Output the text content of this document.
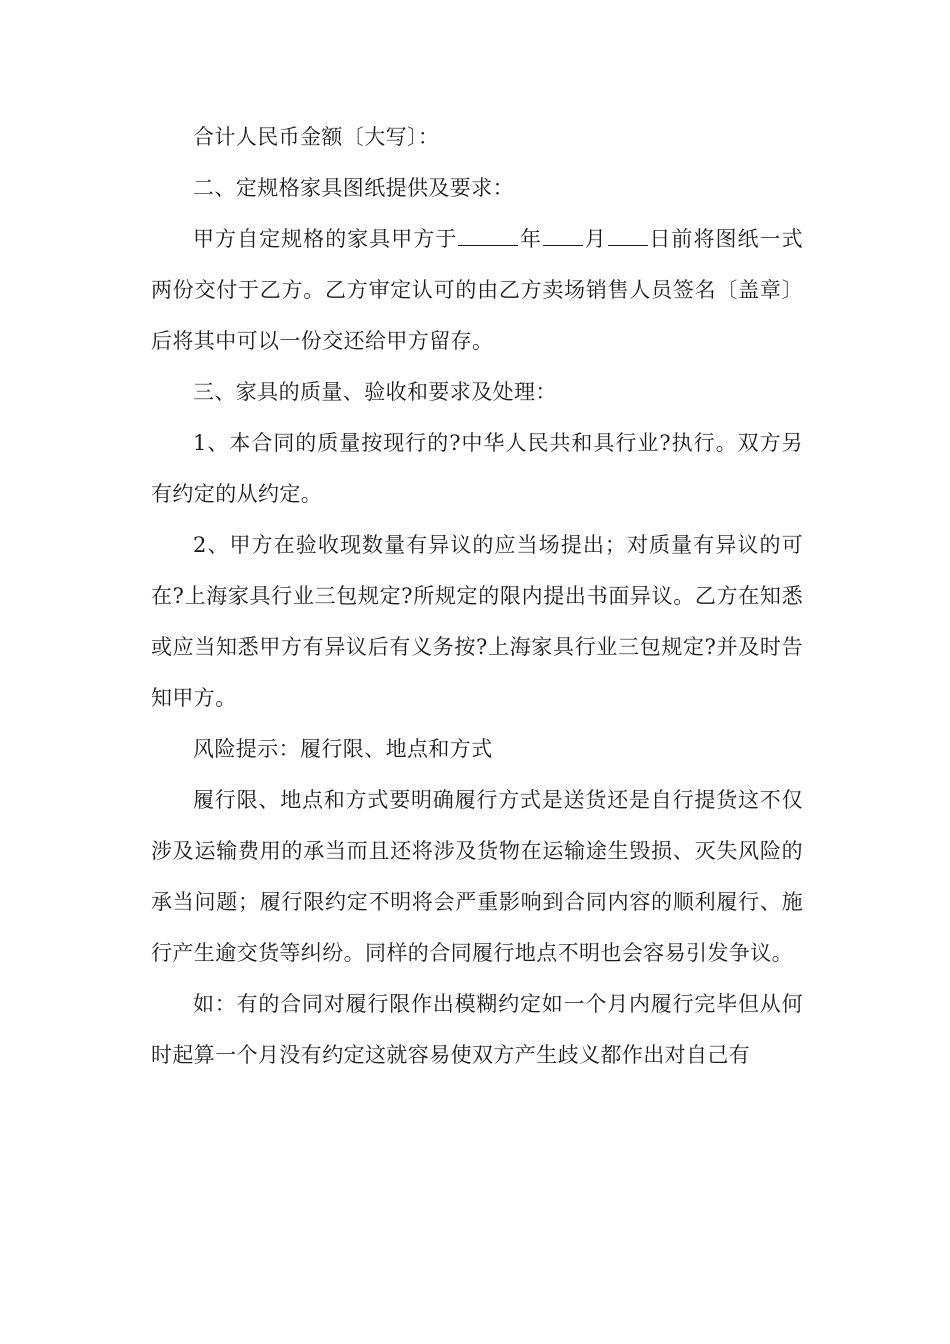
合计人民币金额〔大写〕：

二、定规格家具图纸提供及要求：

甲方自定规格的家具甲方于	年 月 日前将图纸一式两份交付于乙方。乙方审定认可的由乙方卖场销售人员签名〔盖章〕后将其中可以一份交还给甲方留存。

三、家具的质量、验收和要求及处理：

1、本合同的质量按现行的?中华人民共和具行业?执行。双方另有约定的从约定。

2、甲方在验收现数量有异议的应当场提出；对质量有异议的可在?上海家具行业三包规定?所规定的限内提出书面异议。乙方在知悉或应当知悉甲方有异议后有义务按?上海家具行业三包规定?并及时告知甲方。

风险提示：履行限、地点和方式

履行限、地点和方式要明确履行方式是送货还是自行提货这不仅涉及运输费用的承当而且还将涉及货物在运输途生毁损、灭失风险的承当问题；履行限约定不明将会严重影响到合同内容的顺利履行、施行产生逾交货等纠纷。同样的合同履行地点不明也会容易引发争议。

如：有的合同对履行限作出模糊约定如一个月内履行完毕但从何时起算一个月没有约定这就容易使双方产生歧义都作出对自己有
